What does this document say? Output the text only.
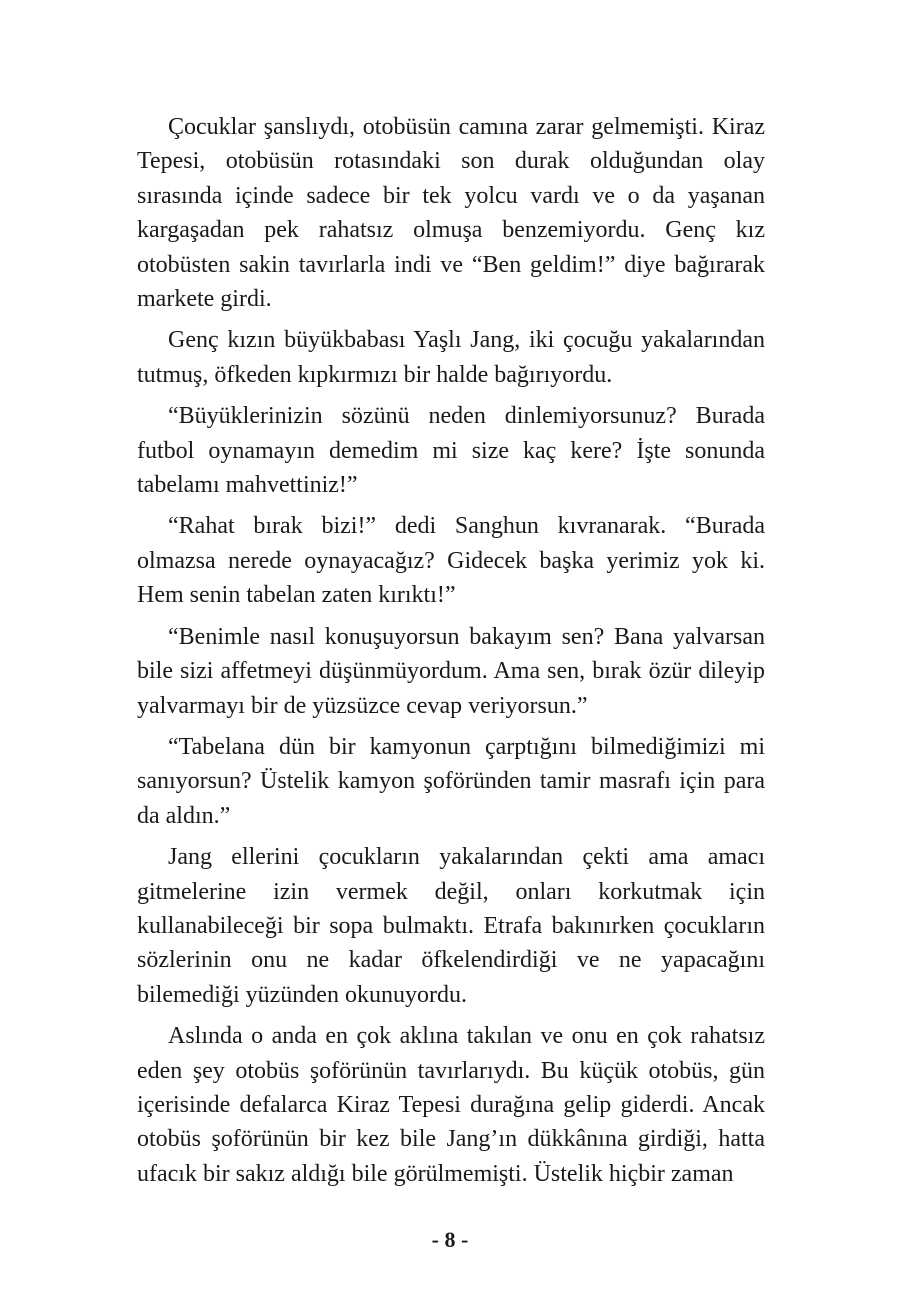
Çocuklar şanslıydı, otobüsün camına zarar gelmemişti. Kiraz Tepesi, otobüsün rotasındaki son durak olduğundan olay sırasında içinde sadece bir tek yolcu vardı ve o da yaşanan kargaşadan pek rahatsız olmuşa benzemiyordu. Genç kız otobüsten sakin tavırlarla indi ve “Ben geldim!” diye bağırarak markete girdi.

Genç kızın büyükbabası Yaşlı Jang, iki çocuğu yakalarından tutmuş, öfkeden kıpkırmızı bir halde bağırıyordu.

“Büyüklerinizin sözünü neden dinlemiyorsunuz? Burada futbol oynamayın demedim mi size kaç kere? İşte sonunda tabelamı mahvettiniz!”

“Rahat bırak bizi!” dedi Sanghun kıvranarak. “Burada olmazsa nerede oynayacağız? Gidecek başka yerimiz yok ki. Hem senin tabelan zaten kırıktı!”

“Benimle nasıl konuşuyorsun bakayım sen? Bana yalvarsan bile sizi affetmeyi düşünmüyordum. Ama sen, bırak özür dileyip yalvarmayı bir de yüzsüzce cevap veriyorsun.”

“Tabelana dün bir kamyonun çarptığını bilmediğimizi mi sanıyorsun? Üstelik kamyon şoföründen tamir masrafı için para da aldın.”

Jang ellerini çocukların yakalarından çekti ama amacı gitmelerine izin vermek değil, onları korkutmak için kullanabileceği bir sopa bulmaktı. Etrafa bakınırken çocukların sözlerinin onu ne kadar öfkelendirdiği ve ne yapacağını bilemediği yüzünden okunuyordu.

Aslında o anda en çok aklına takılan ve onu en çok rahatsız eden şey otobüs şoförünün tavırlarıydı. Bu küçük otobüs, gün içerisinde defalarca Kiraz Tepesi durağına gelip giderdi. Ancak otobüs şoförünün bir kez bile Jang’ın dükkânına girdiği, hatta ufacık bir sakız aldığı bile görülmemişti. Üstelik hiçbir zaman

- 8 -
